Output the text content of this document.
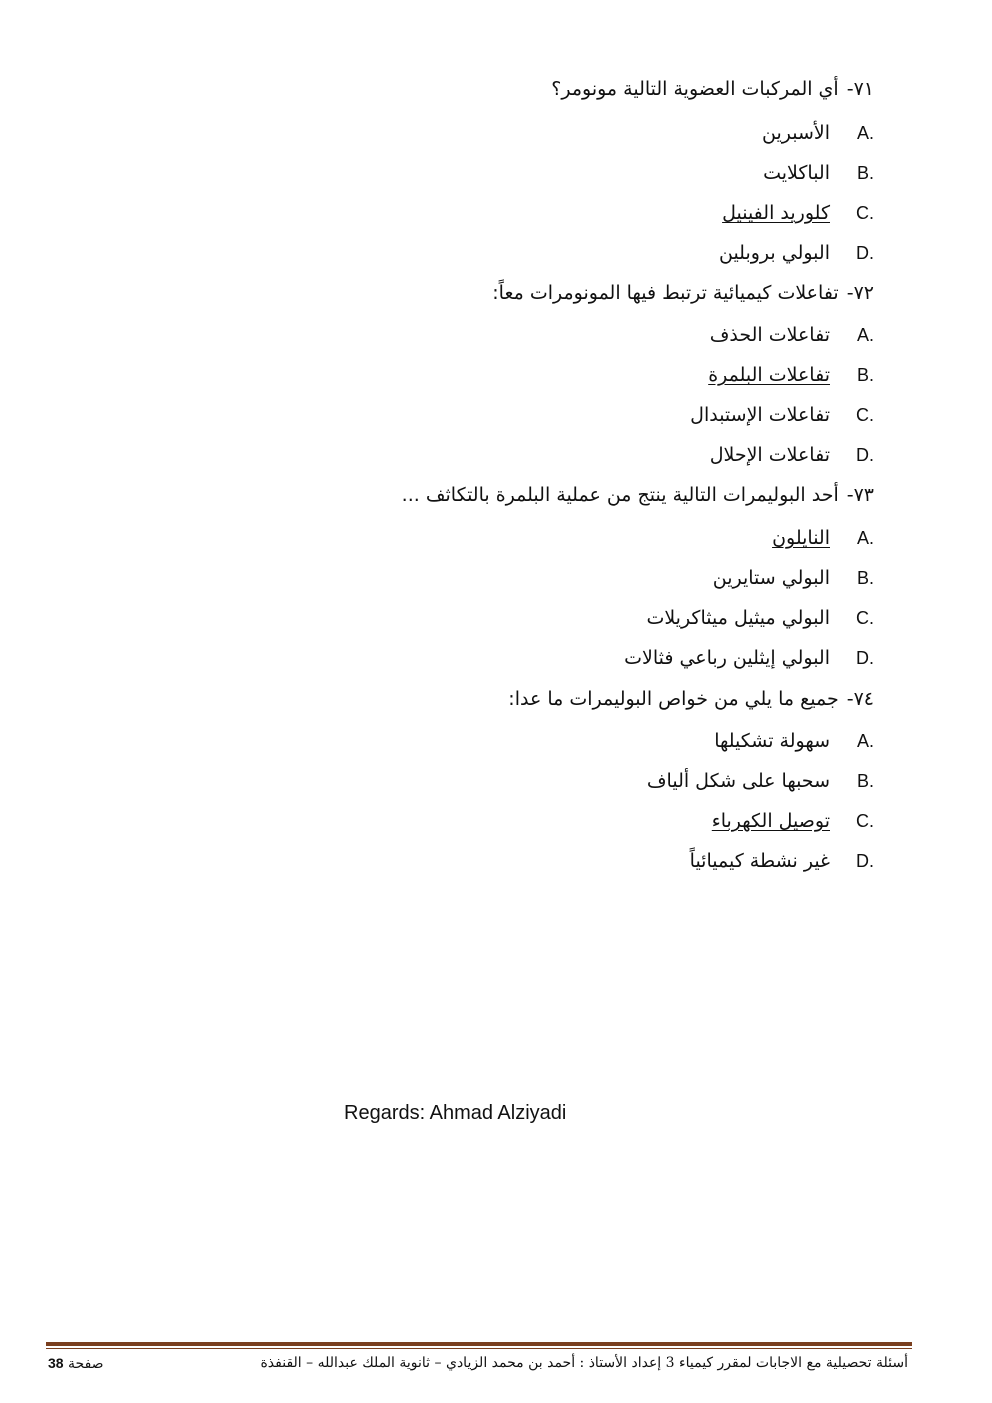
٧١-أي المركبات العضوية التالية مونومر؟
A.
الأسبرين
B.
الباكلايت
C.
كلوريد الفينيل
D.
البولي بروبلين
٧٢-تفاعلات كيميائية ترتبط فيها المونومرات معاً:
A.
تفاعلات الحذف
B.
تفاعلات البلمرة
C.
تفاعلات الإستبدال
D.
تفاعلات الإحلال
٧٣-أحد البوليمرات التالية ينتج من عملية البلمرة بالتكاثف ...
A.
النايلون
B.
البولي ستايرين
C.
البولي ميثيل ميثاكريلات
D.
البولي إيثلين رباعي فثالات
٧٤-جميع ما يلي من خواص البوليمرات ما عدا:
A.
سهولة تشكيلها
B.
سحبها على شكل ألياف
C.
توصيل الكهرباء
D.
غير نشطة كيميائياً
Regards: Ahmad Alziyadi
أسئلة تحصيلية مع الاجابات لمقرر كيمياء 3 إعداد الأستاذ : أحمد بن محمد الزيادي – ثانوية الملك عبدالله – القنفذة
صفحة 38
